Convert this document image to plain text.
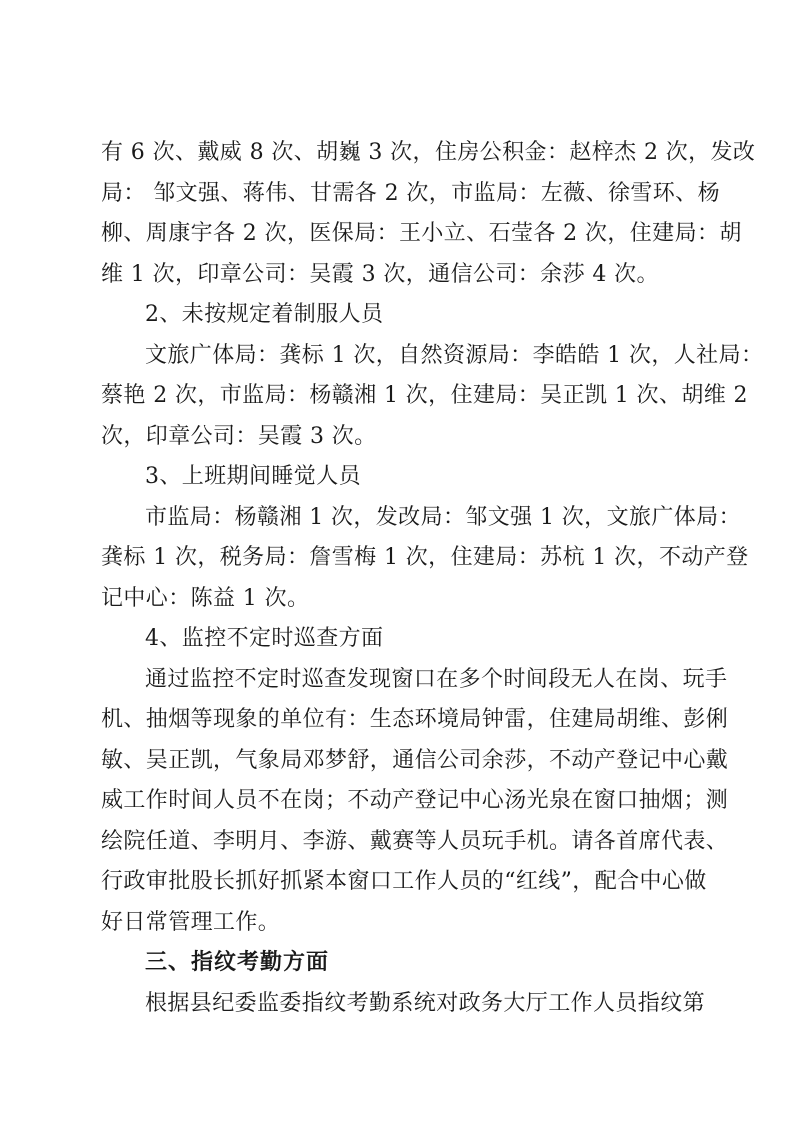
有 6 次、戴威 8 次、胡巍 3 次，住房公积金：赵梓杰 2 次，发改
局： 邹文强、蒋伟、甘需各 2 次，市监局：左薇、徐雪环、杨
柳、周康宇各 2 次，医保局：王小立、石莹各 2 次，住建局：胡
维 1 次，印章公司：吴霞 3 次，通信公司：余莎 4 次。
2、未按规定着制服人员
文旅广体局：龚标 1 次，自然资源局：李皓皓 1 次，人社局：
蔡艳 2 次，市监局：杨赣湘 1 次，住建局：吴正凯 1 次、胡维 2
次，印章公司：吴霞 3 次。
3、上班期间睡觉人员
市监局：杨赣湘 1 次，发改局：邹文强 1 次，文旅广体局：
龚标 1 次，税务局：詹雪梅 1 次，住建局：苏杭 1 次，不动产登
记中心：陈益 1 次。
4、监控不定时巡查方面
通过监控不定时巡查发现窗口在多个时间段无人在岗、玩手
机、抽烟等现象的单位有：生态环境局钟雷，住建局胡维、彭俐
敏、吴正凯，气象局邓梦舒，通信公司余莎，不动产登记中心戴
威工作时间人员不在岗；不动产登记中心汤光泉在窗口抽烟；测
绘院任道、李明月、李游、戴赛等人员玩手机。请各首席代表、
行政审批股长抓好抓紧本窗口工作人员的“红线”，配合中心做
好日常管理工作。
三、指纹考勤方面
根据县纪委监委指纹考勤系统对政务大厅工作人员指纹第
